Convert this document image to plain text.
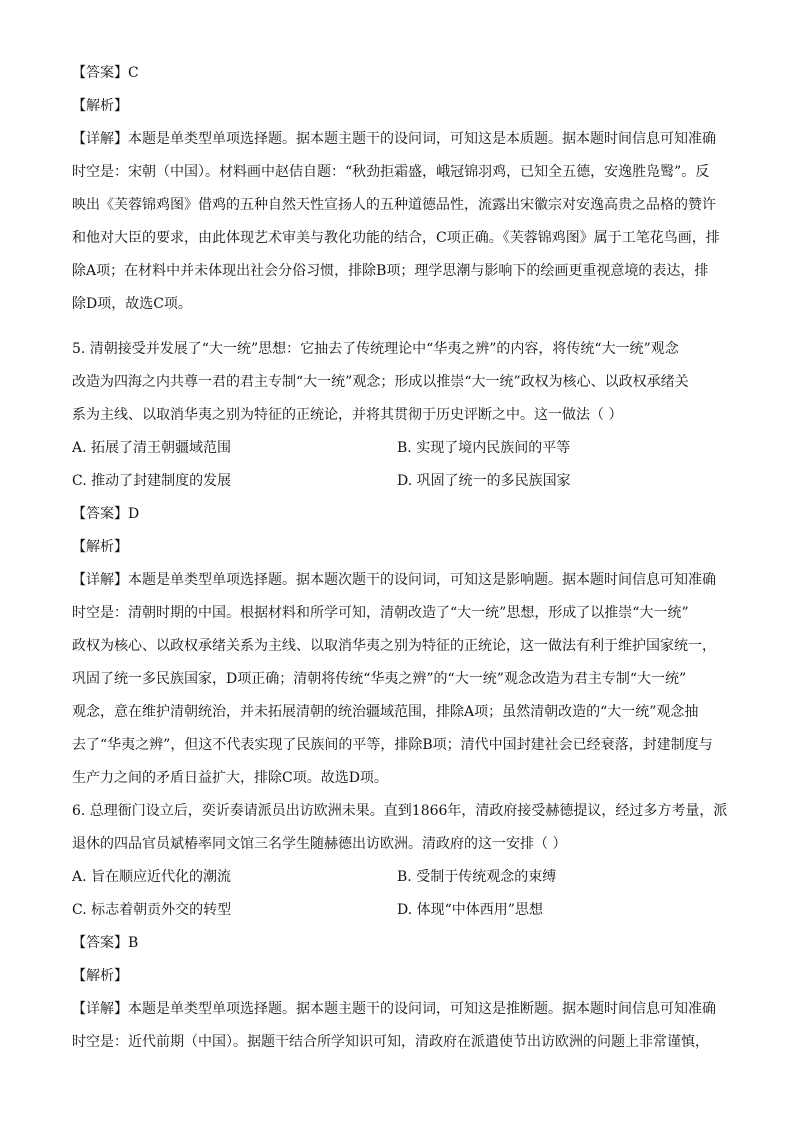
【答案】C
【解析】
【详解】本题是单类型单项选择题。据本题主题干的设问词，可知这是本质题。据本题时间信息可知准确
时空是：宋朝（中国）。材料画中赵佶自题：“秋劲拒霜盛，峨冠锦羽鸡，已知全五德，安逸胜凫鹥”。反
映出《芙蓉锦鸡图》借鸡的五种自然天性宣扬人的五种道德品性，流露出宋徽宗对安逸高贵之品格的赞许
和他对大臣的要求，由此体现艺术审美与教化功能的结合，C项正确。《芙蓉锦鸡图》属于工笔花鸟画，排
除A项；在材料中并未体现出社会分俗习惯，排除B项；理学思潮与影响下的绘画更重视意境的表达，排
除D项，故选C项。
5. 清朝接受并发展了“大一统”思想：它抽去了传统理论中“华夷之辨”的内容，将传统“大一统”观念
改造为四海之内共尊一君的君主专制“大一统”观念；形成以推崇“大一统”政权为核心、以政权承绪关
系为主线、以取消华夷之别为特征的正统论，并将其贯彻于历史评断之中。这一做法（ ）
A. 拓展了清王朝疆域范围	B. 实现了境内民族间的平等
C. 推动了封建制度的发展	D. 巩固了统一的多民族国家
【答案】D
【解析】
【详解】本题是单类型单项选择题。据本题次题干的设问词，可知这是影响题。据本题时间信息可知准确
时空是：清朝时期的中国。根据材料和所学可知，清朝改造了“大一统”思想，形成了以推崇“大一统”
政权为核心、以政权承绪关系为主线、以取消华夷之别为特征的正统论，这一做法有利于维护国家统一，
巩固了统一多民族国家，D项正确；清朝将传统“华夷之辨”的“大一统”观念改造为君主专制“大一统”
观念，意在维护清朝统治，并未拓展清朝的统治疆域范围，排除A项；虽然清朝改造的“大一统”观念抽
去了“华夷之辨”，但这不代表实现了民族间的平等，排除B项；清代中国封建社会已经衰落，封建制度与
生产力之间的矛盾日益扩大，排除C项。故选D项。
6. 总理衙门设立后，奕䜣奏请派员出访欧洲未果。直到1866年，清政府接受赫德提议，经过多方考量，派
退休的四品官员斌椿率同文馆三名学生随赫德出访欧洲。清政府的这一安排（ ）
A. 旨在顺应近代化的潮流	B. 受制于传统观念的束缚
C. 标志着朝贡外交的转型	D. 体现“中体西用”思想
【答案】B
【解析】
【详解】本题是单类型单项选择题。据本题主题干的设问词，可知这是推断题。据本题时间信息可知准确
时空是：近代前期（中国）。据题干结合所学知识可知，清政府在派遣使节出访欧洲的问题上非常谨慎，
